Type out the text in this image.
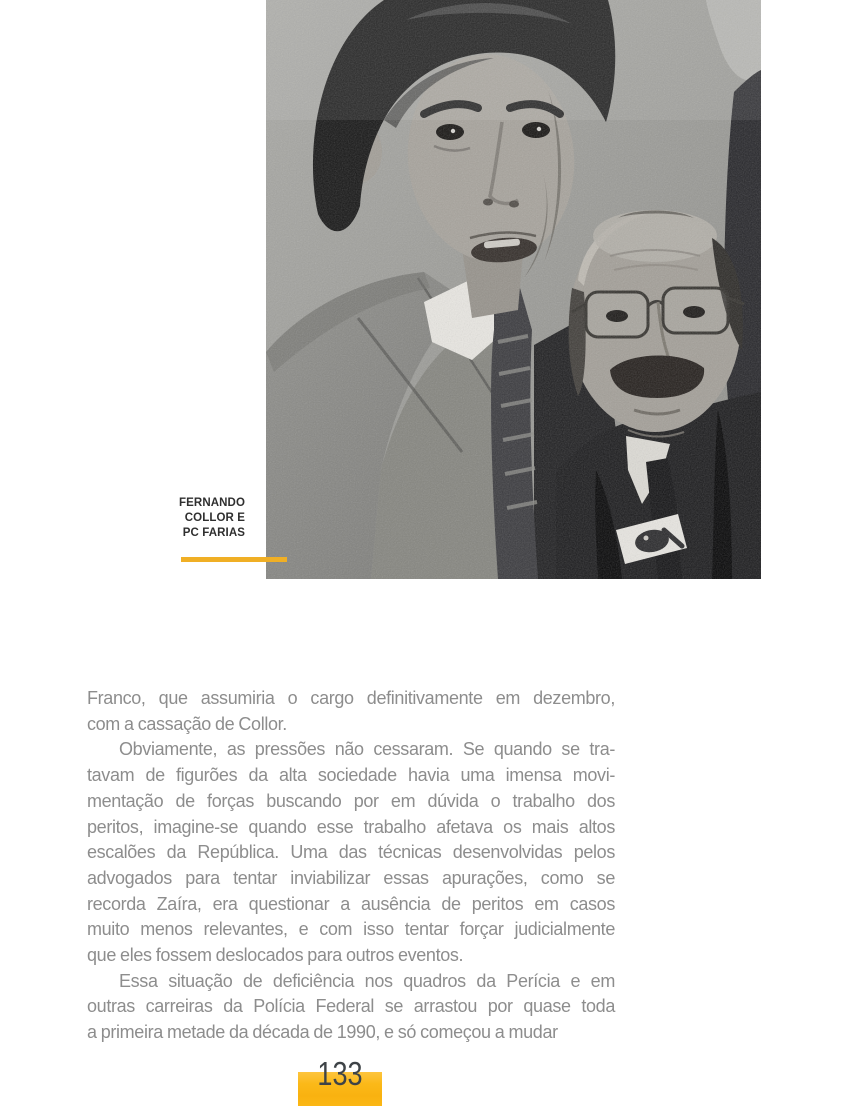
FERNANDO
COLLOR E
PC FARIAS
Franco, que assumiria o cargo definitivamente em dezembro,
com a cassação de Collor.
Obviamente, as pressões não cessaram. Se quando se tra-
tavam de figurões da alta sociedade havia uma imensa movi-
mentação de forças buscando por em dúvida o trabalho dos
peritos, imagine-se quando esse trabalho afetava os mais altos
escalões da República. Uma das técnicas desenvolvidas pelos
advogados para tentar inviabilizar essas apurações, como se
recorda Zaíra, era questionar a ausência de peritos em casos
muito menos relevantes, e com isso tentar forçar judicialmente
que eles fossem deslocados para outros eventos.
Essa situação de deficiência nos quadros da Perícia e em
outras carreiras da Polícia Federal se arrastou por quase toda
a primeira metade da década de 1990, e só começou a mudar
133
